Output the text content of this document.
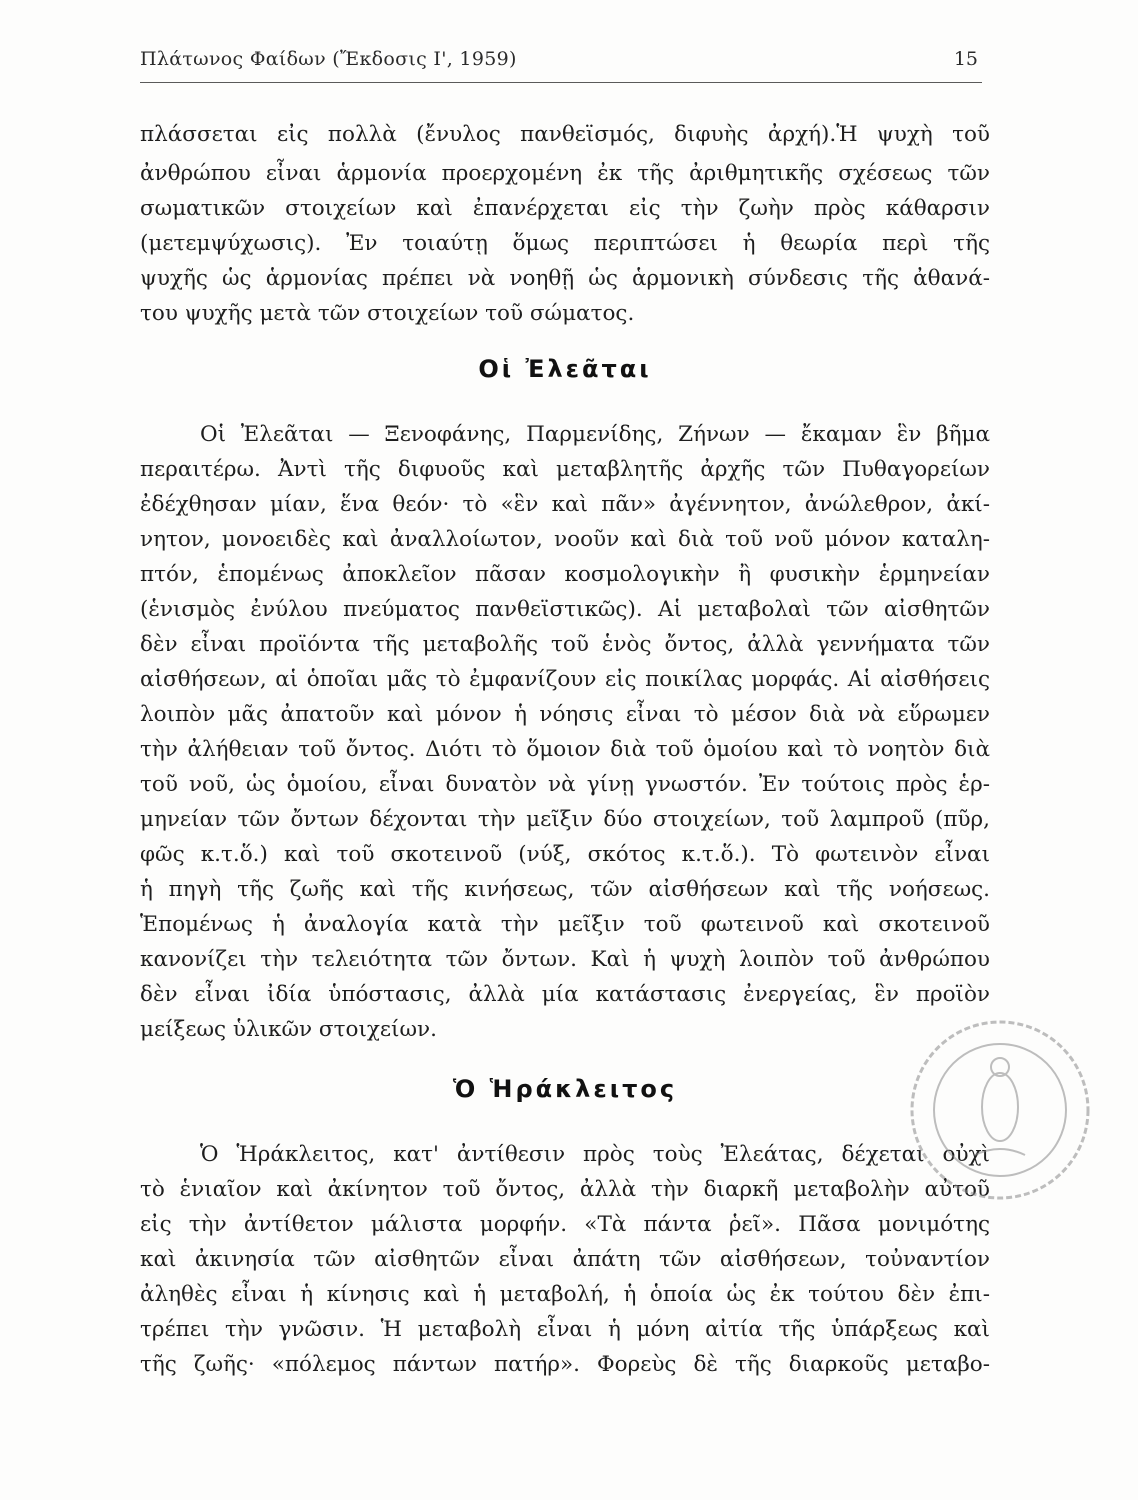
Πλάτωνος Φαίδων (Ἔκδοσις Ι', 1959)	15
πλάσσεται εἰς πολλὰ (ἔνυλος πανθεϊσμός, διφυὴς ἀρχή).Ἡ ψυχὴ τοῦ
ἀνθρώπου εἶναι ἁρμονία προερχομένη ἐκ τῆς ἀριθμητικῆς σχέσεως τῶν
σωματικῶν στοιχείων καὶ ἐπανέρχεται εἰς τὴν ζωὴν πρὸς κάθαρσιν
(μετεμψύχωσις). Ἐν τοιαύτῃ ὅμως περιπτώσει ἡ θεωρία περὶ τῆς
ψυχῆς ὡς ἁρμονίας πρέπει νὰ νοηθῇ ὡς ἁρμονικὴ σύνδεσις τῆς ἀθανά-
του ψυχῆς μετὰ τῶν στοιχείων τοῦ σώματος.
Οἱ Ἐλεᾶται
Οἱ Ἐλεᾶται — Ξενοφάνης, Παρμενίδης, Ζήνων — ἔκαμαν ἓν βῆμα
περαιτέρω. Ἀντὶ τῆς διφυοῦς καὶ μεταβλητῆς ἀρχῆς τῶν Πυθαγορείων
ἐδέχθησαν μίαν, ἕνα θεόν· τὸ «ἓν καὶ πᾶν» ἀγέννητον, ἀνώλεθρον, ἀκί-
νητον, μονοειδὲς καὶ ἀναλλοίωτον, νοοῦν καὶ διὰ τοῦ νοῦ μόνον καταλη-
πτόν, ἑπομένως ἀποκλεῖον πᾶσαν κοσμολογικὴν ἢ φυσικὴν ἑρμηνείαν
(ἑνισμὸς ἐνύλου πνεύματος πανθεϊστικῶς). Αἱ μεταβολαὶ τῶν αἰσθητῶν
δὲν εἶναι προϊόντα τῆς μεταβολῆς τοῦ ἑνὸς ὄντος, ἀλλὰ γεννήματα τῶν
αἰσθήσεων, αἱ ὁποῖαι μᾶς τὸ ἐμφανίζουν εἰς ποικίλας μορφάς. Αἱ αἰσθήσεις
λοιπὸν μᾶς ἀπατοῦν καὶ μόνον ἡ νόησις εἶναι τὸ μέσον διὰ νὰ εὕρωμεν
τὴν ἀλήθειαν τοῦ ὄντος. Διότι τὸ ὅμοιον διὰ τοῦ ὁμοίου καὶ τὸ νοητὸν διὰ
τοῦ νοῦ, ὡς ὁμοίου, εἶναι δυνατὸν νὰ γίνῃ γνωστόν. Ἐν τούτοις πρὸς ἑρ-
μηνείαν τῶν ὄντων δέχονται τὴν μεῖξιν δύο στοιχείων, τοῦ λαμπροῦ (πῦρ,
φῶς κ.τ.ὅ.) καὶ τοῦ σκοτεινοῦ (νύξ, σκότος κ.τ.ὅ.). Τὸ φωτεινὸν εἶναι
ἡ πηγὴ τῆς ζωῆς καὶ τῆς κινήσεως, τῶν αἰσθήσεων καὶ τῆς νοήσεως.
Ἑπομένως ἡ ἀναλογία κατὰ τὴν μεῖξιν τοῦ φωτεινοῦ καὶ σκοτεινοῦ
κανονίζει τὴν τελειότητα τῶν ὄντων. Καὶ ἡ ψυχὴ λοιπὸν τοῦ ἀνθρώπου
δὲν εἶναι ἰδία ὑπόστασις, ἀλλὰ μία κατάστασις ἐνεργείας, ἓν προϊὸν
μείξεως ὑλικῶν στοιχείων.
Ὁ Ἡράκλειτος
Ὁ Ἡράκλειτος, κατ' ἀντίθεσιν πρὸς τοὺς Ἐλεάτας, δέχεται οὐχὶ
τὸ ἑνιαῖον καὶ ἀκίνητον τοῦ ὄντος, ἀλλὰ τὴν διαρκῆ μεταβολὴν αὐτοῦ
εἰς τὴν ἀντίθετον μάλιστα μορφήν. «Τὰ πάντα ῥεῖ». Πᾶσα μονιμότης
καὶ ἀκινησία τῶν αἰσθητῶν εἶναι ἀπάτη τῶν αἰσθήσεων, τοὐναντίον
ἀληθὲς εἶναι ἡ κίνησις καὶ ἡ μεταβολή, ἡ ὁποία ὡς ἐκ τούτου δὲν ἐπι-
τρέπει τὴν γνῶσιν. Ἡ μεταβολὴ εἶναι ἡ μόνη αἰτία τῆς ὑπάρξεως καὶ
τῆς ζωῆς· «πόλεμος πάντων πατήρ». Φορεὺς δὲ τῆς διαρκοῦς μεταβο-
